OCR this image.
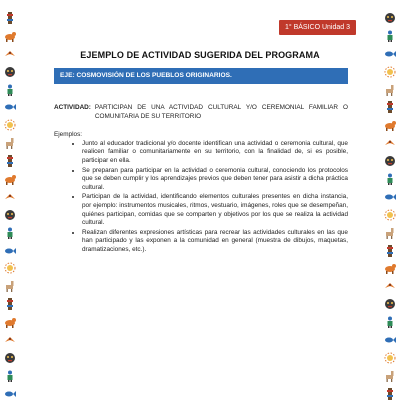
1° BÁSICO Unidad 3
EJEMPLO DE ACTIVIDAD SUGERIDA DEL PROGRAMA
EJE: COSMOVISIÓN DE LOS PUEBLOS ORIGINARIOS.
ACTIVIDAD: PARTICIPAN DE UNA ACTIVIDAD CULTURAL Y/O CEREMONIAL FAMILIAR O COMUNITARIA DE SU TERRITORIO
Ejemplos:
• Junto al educador tradicional y/o docente identifican una actividad o ceremonia cultural, que realicen familiar o comunitariamente en su territorio, con la finalidad de, si es posible, participar en ella.
• Se preparan para participar en la actividad o ceremonia cultural, conociendo los protocolos que se deben cumplir y los aprendizajes previos que deben tener para asistir a dicha práctica cultural.
• Participan de la actividad, identificando elementos culturales presentes en dicha instancia, por ejemplo: instrumentos musicales, ritmos, vestuario, imágenes, roles que se desempeñan, quiénes participan, comidas que se comparten y objetivos por los que se realiza la actividad cultural.
• Realizan diferentes expresiones artísticas para recrear las actividades culturales en las que han participado y las exponen a la comunidad en general (muestra de dibujos, maquetas, dramatizaciones, etc.).
